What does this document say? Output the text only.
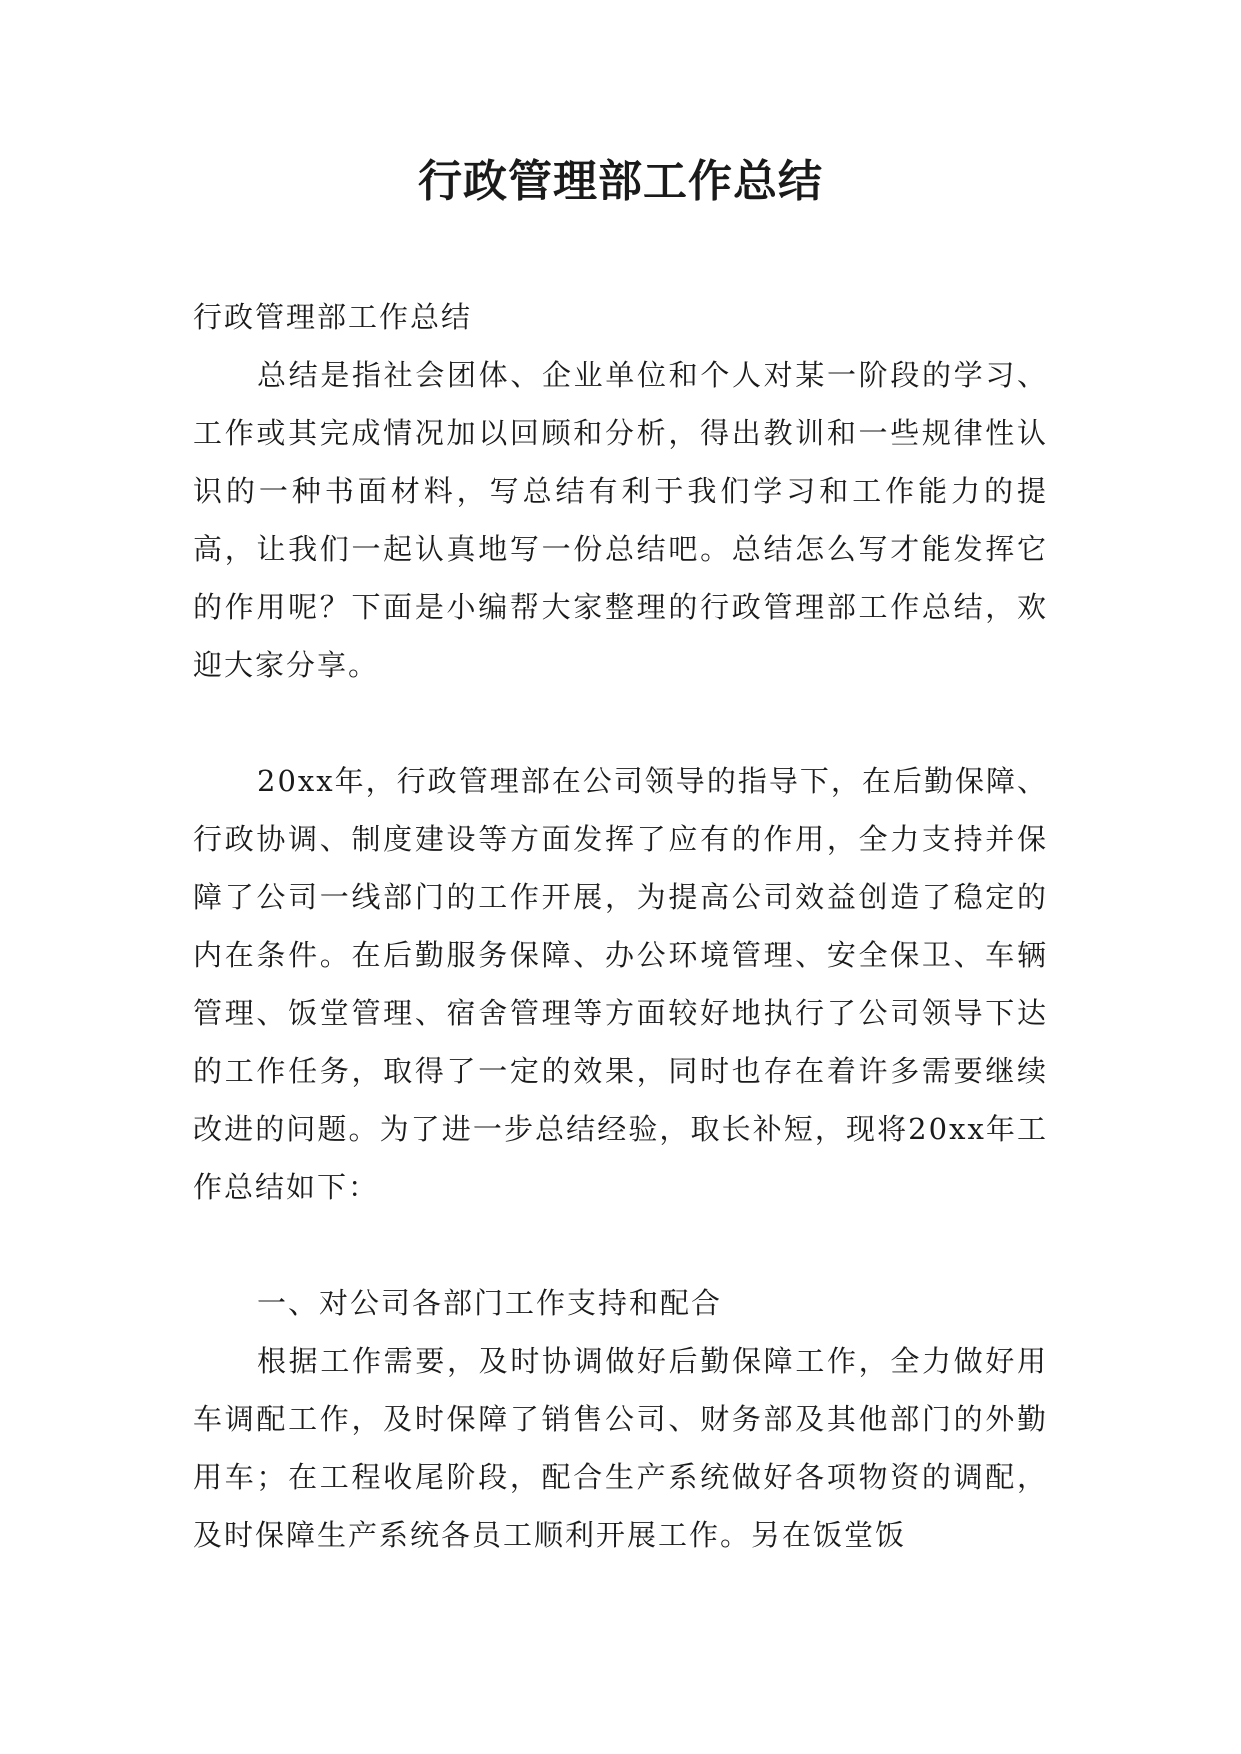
行政管理部工作总结

行政管理部工作总结

总结是指社会团体、企业单位和个人对某一阶段的学习、工作或其完成情况加以回顾和分析，得出教训和一些规律性认识的一种书面材料，写总结有利于我们学习和工作能力的提高，让我们一起认真地写一份总结吧。总结怎么写才能发挥它的作用呢？下面是小编帮大家整理的行政管理部工作总结，欢迎大家分享。

20xx年，行政管理部在公司领导的指导下，在后勤保障、行政协调、制度建设等方面发挥了应有的作用，全力支持并保障了公司一线部门的工作开展，为提高公司效益创造了稳定的内在条件。在后勤服务保障、办公环境管理、安全保卫、车辆管理、饭堂管理、宿舍管理等方面较好地执行了公司领导下达的工作任务，取得了一定的效果，同时也存在着许多需要继续改进的问题。为了进一步总结经验，取长补短，现将20xx年工作总结如下：

一、对公司各部门工作支持和配合

根据工作需要，及时协调做好后勤保障工作，全力做好用车调配工作，及时保障了销售公司、财务部及其他部门的外勤用车；在工程收尾阶段，配合生产系统做好各项物资的调配，及时保障生产系统各员工顺利开展工作。另在饭堂饭
